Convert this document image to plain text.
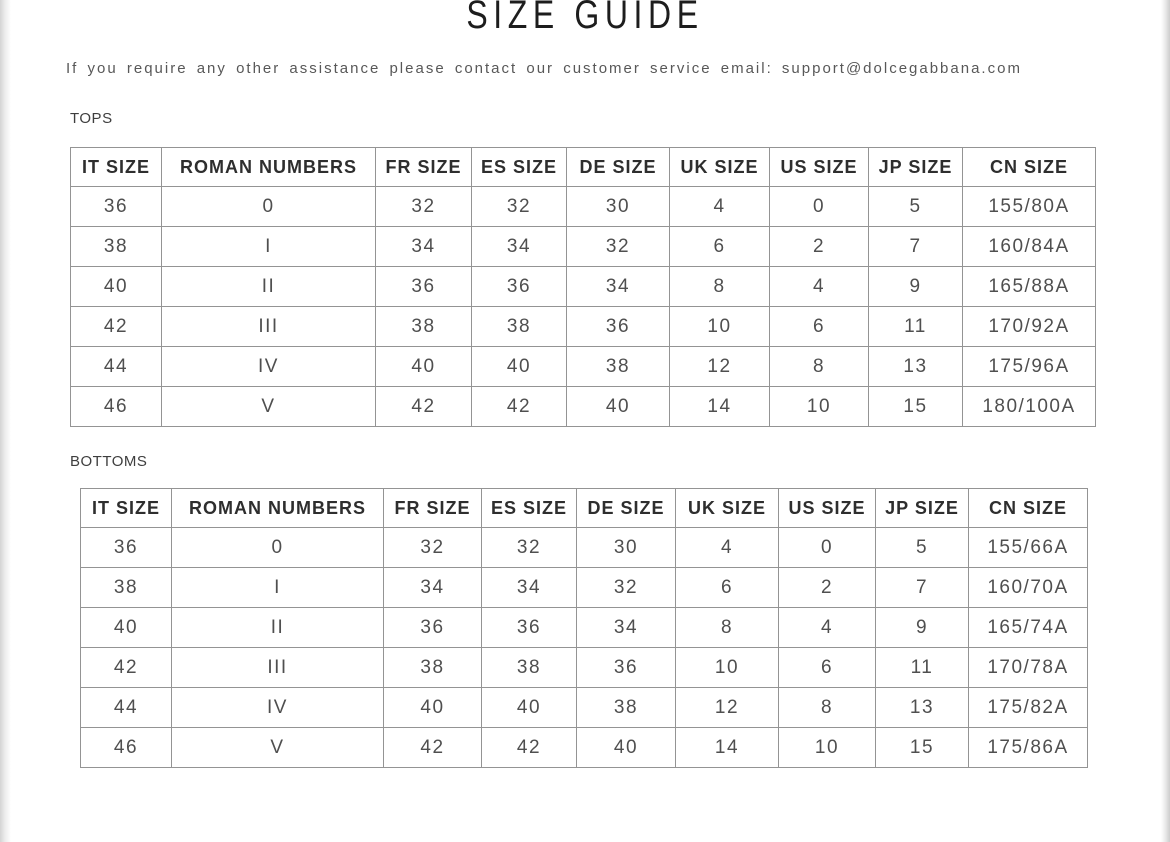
SIZE GUIDE

If you require any other assistance please contact our customer service email: support@dolcegabbana.com

TOPS
IT SIZE	ROMAN NUMBERS	FR SIZE	ES SIZE	DE SIZE	UK SIZE	US SIZE	JP SIZE	CN SIZE
36	0	32	32	30	4	0	5	155/80A
38	I	34	34	32	6	2	7	160/84A
40	II	36	36	34	8	4	9	165/88A
42	III	38	38	36	10	6	11	170/92A
44	IV	40	40	38	12	8	13	175/96A
46	V	42	42	40	14	10	15	180/100A
BOTTOMS
IT SIZE	ROMAN NUMBERS	FR SIZE	ES SIZE	DE SIZE	UK SIZE	US SIZE	JP SIZE	CN SIZE
36	0	32	32	30	4	0	5	155/66A
38	I	34	34	32	6	2	7	160/70A
40	II	36	36	34	8	4	9	165/74A
42	III	38	38	36	10	6	11	170/78A
44	IV	40	40	38	12	8	13	175/82A
46	V	42	42	40	14	10	15	175/86A
